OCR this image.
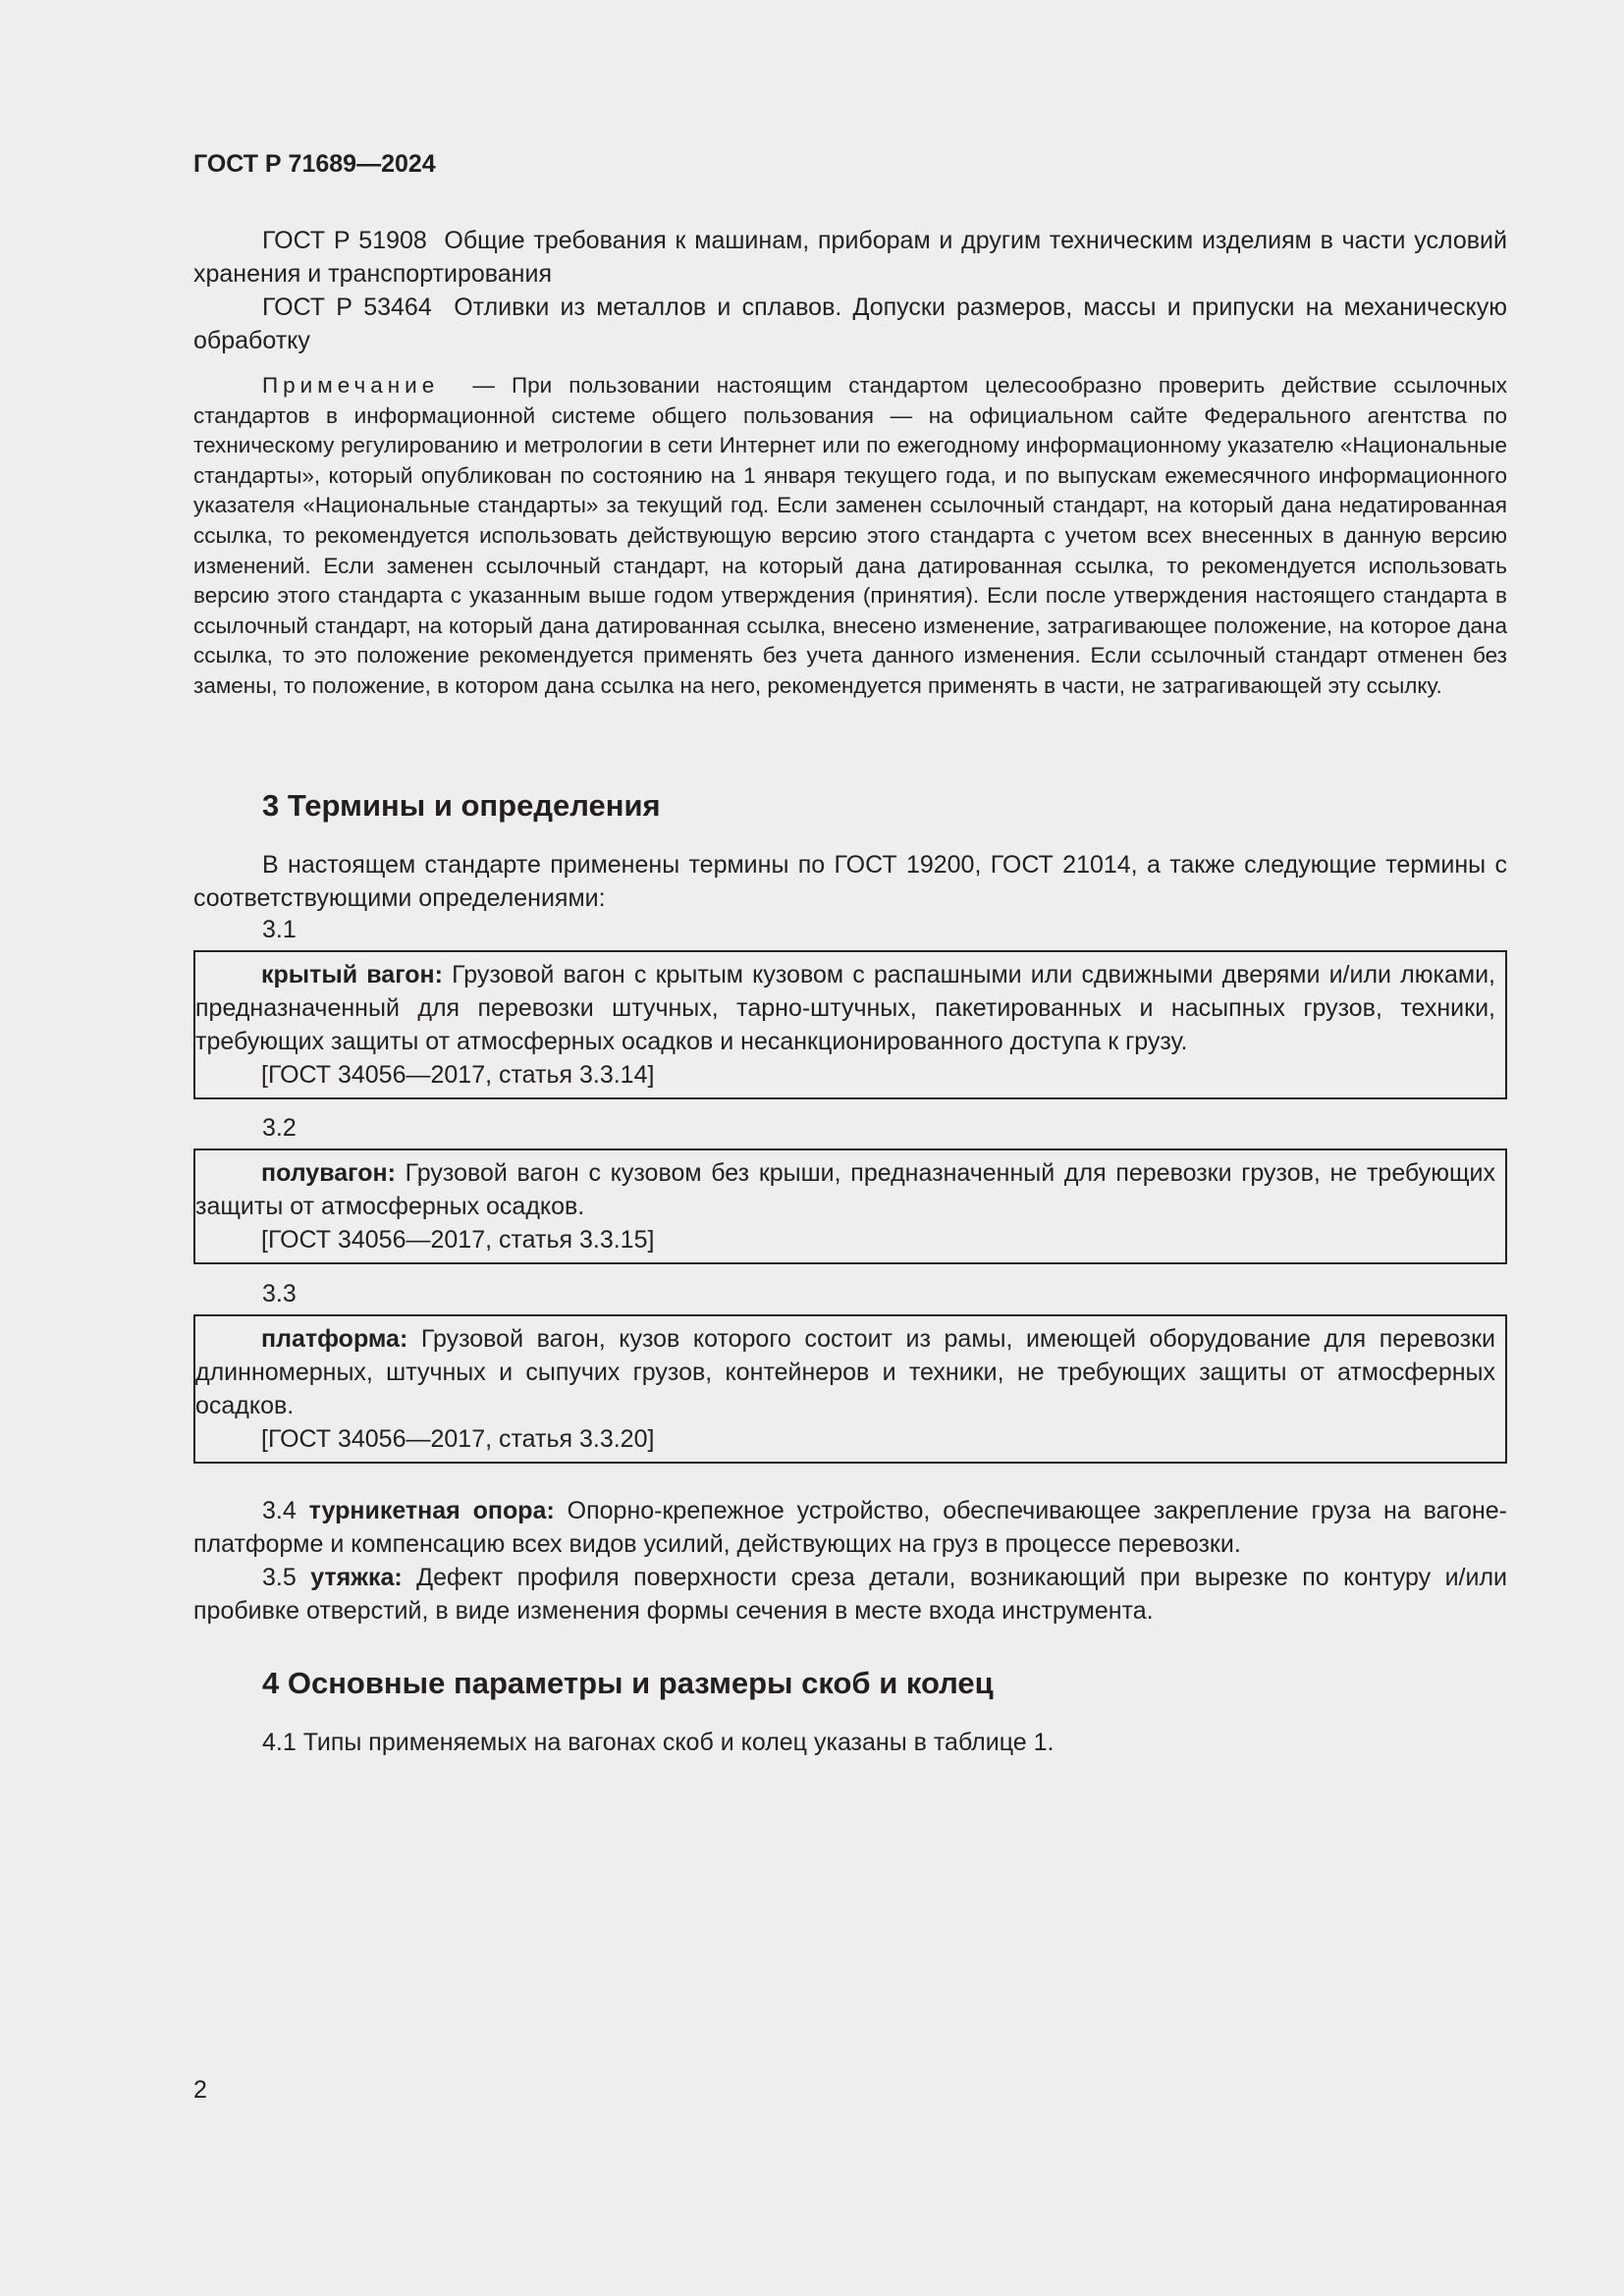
ГОСТ Р 71689—2024

ГОСТ Р 51908 Общие требования к машинам, приборам и другим техническим изделиям в части условий хранения и транспортирования

ГОСТ Р 53464 Отливки из металлов и сплавов. Допуски размеров, массы и припуски на механическую обработку

Примечание — При пользовании настоящим стандартом целесообразно проверить действие ссылочных стандартов в информационной системе общего пользования — на официальном сайте Федерального агентства по техническому регулированию и метрологии в сети Интернет или по ежегодному информационному указателю «Национальные стандарты», который опубликован по состоянию на 1 января текущего года, и по выпускам ежемесячного информационного указателя «Национальные стандарты» за текущий год. Если заменен ссылочный стандарт, на который дана недатированная ссылка, то рекомендуется использовать действующую версию этого стандарта с учетом всех внесенных в данную версию изменений. Если заменен ссылочный стандарт, на который дана датированная ссылка, то рекомендуется использовать версию этого стандарта с указанным выше годом утверждения (принятия). Если после утверждения настоящего стандарта в ссылочный стандарт, на который дана датированная ссылка, внесено изменение, затрагивающее положение, на которое дана ссылка, то это положение рекомендуется применять без учета данного изменения. Если ссылочный стандарт отменен без замены, то положение, в котором дана ссылка на него, рекомендуется применять в части, не затрагивающей эту ссылку.

3 Термины и определения

В настоящем стандарте применены термины по ГОСТ 19200, ГОСТ 21014, а также следующие термины с соответствующими определениями:

3.1

крытый вагон: Грузовой вагон с крытым кузовом с распашными или сдвижными дверями и/или люками, предназначенный для перевозки штучных, тарно-штучных, пакетированных и насыпных грузов, техники, требующих защиты от атмосферных осадков и несанкционированного доступа к грузу.

[ГОСТ 34056—2017, статья 3.3.14]

3.2

полувагон: Грузовой вагон с кузовом без крыши, предназначенный для перевозки грузов, не требующих защиты от атмосферных осадков.

[ГОСТ 34056—2017, статья 3.3.15]

3.3

платформа: Грузовой вагон, кузов которого состоит из рамы, имеющей оборудование для перевозки длинномерных, штучных и сыпучих грузов, контейнеров и техники, не требующих защиты от атмосферных осадков.

[ГОСТ 34056—2017, статья 3.3.20]

3.4 турникетная опора: Опорно-крепежное устройство, обеспечивающее закрепление груза на вагоне-платформе и компенсацию всех видов усилий, действующих на груз в процессе перевозки.

3.5 утяжка: Дефект профиля поверхности среза детали, возникающий при вырезке по контуру и/или пробивке отверстий, в виде изменения формы сечения в месте входа инструмента.

4 Основные параметры и размеры скоб и колец

4.1 Типы применяемых на вагонах скоб и колец указаны в таблице 1.

2
